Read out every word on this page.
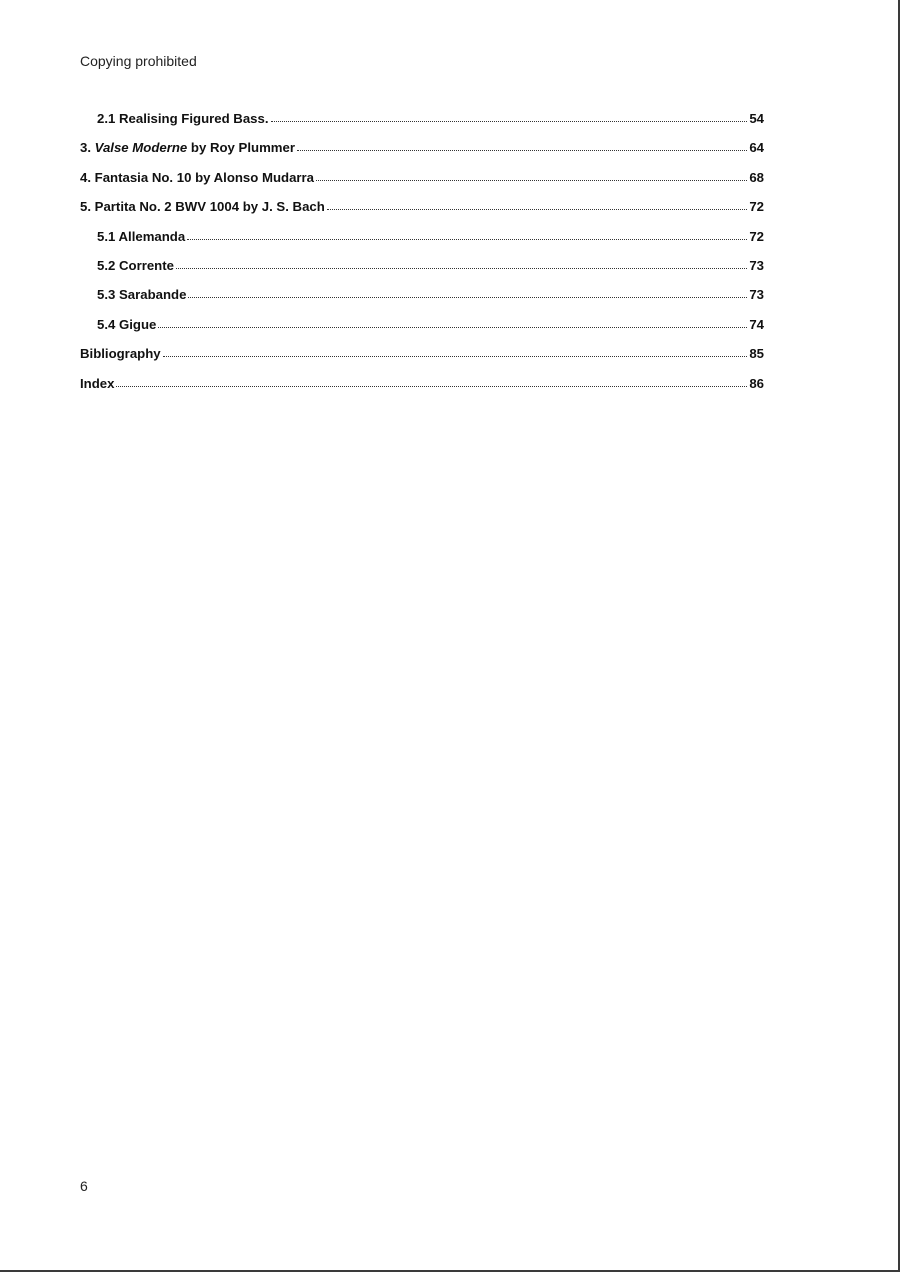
Copying prohibited
2.1 Realising Figured Bass.	54
3. Valse Moderne by Roy Plummer	64
4. Fantasia No. 10 by Alonso Mudarra	68
5. Partita No. 2 BWV 1004 by J. S. Bach	72
5.1 Allemanda	72
5.2 Corrente	73
5.3 Sarabande	73
5.4 Gigue	74
Bibliography	85
Index	86
6
